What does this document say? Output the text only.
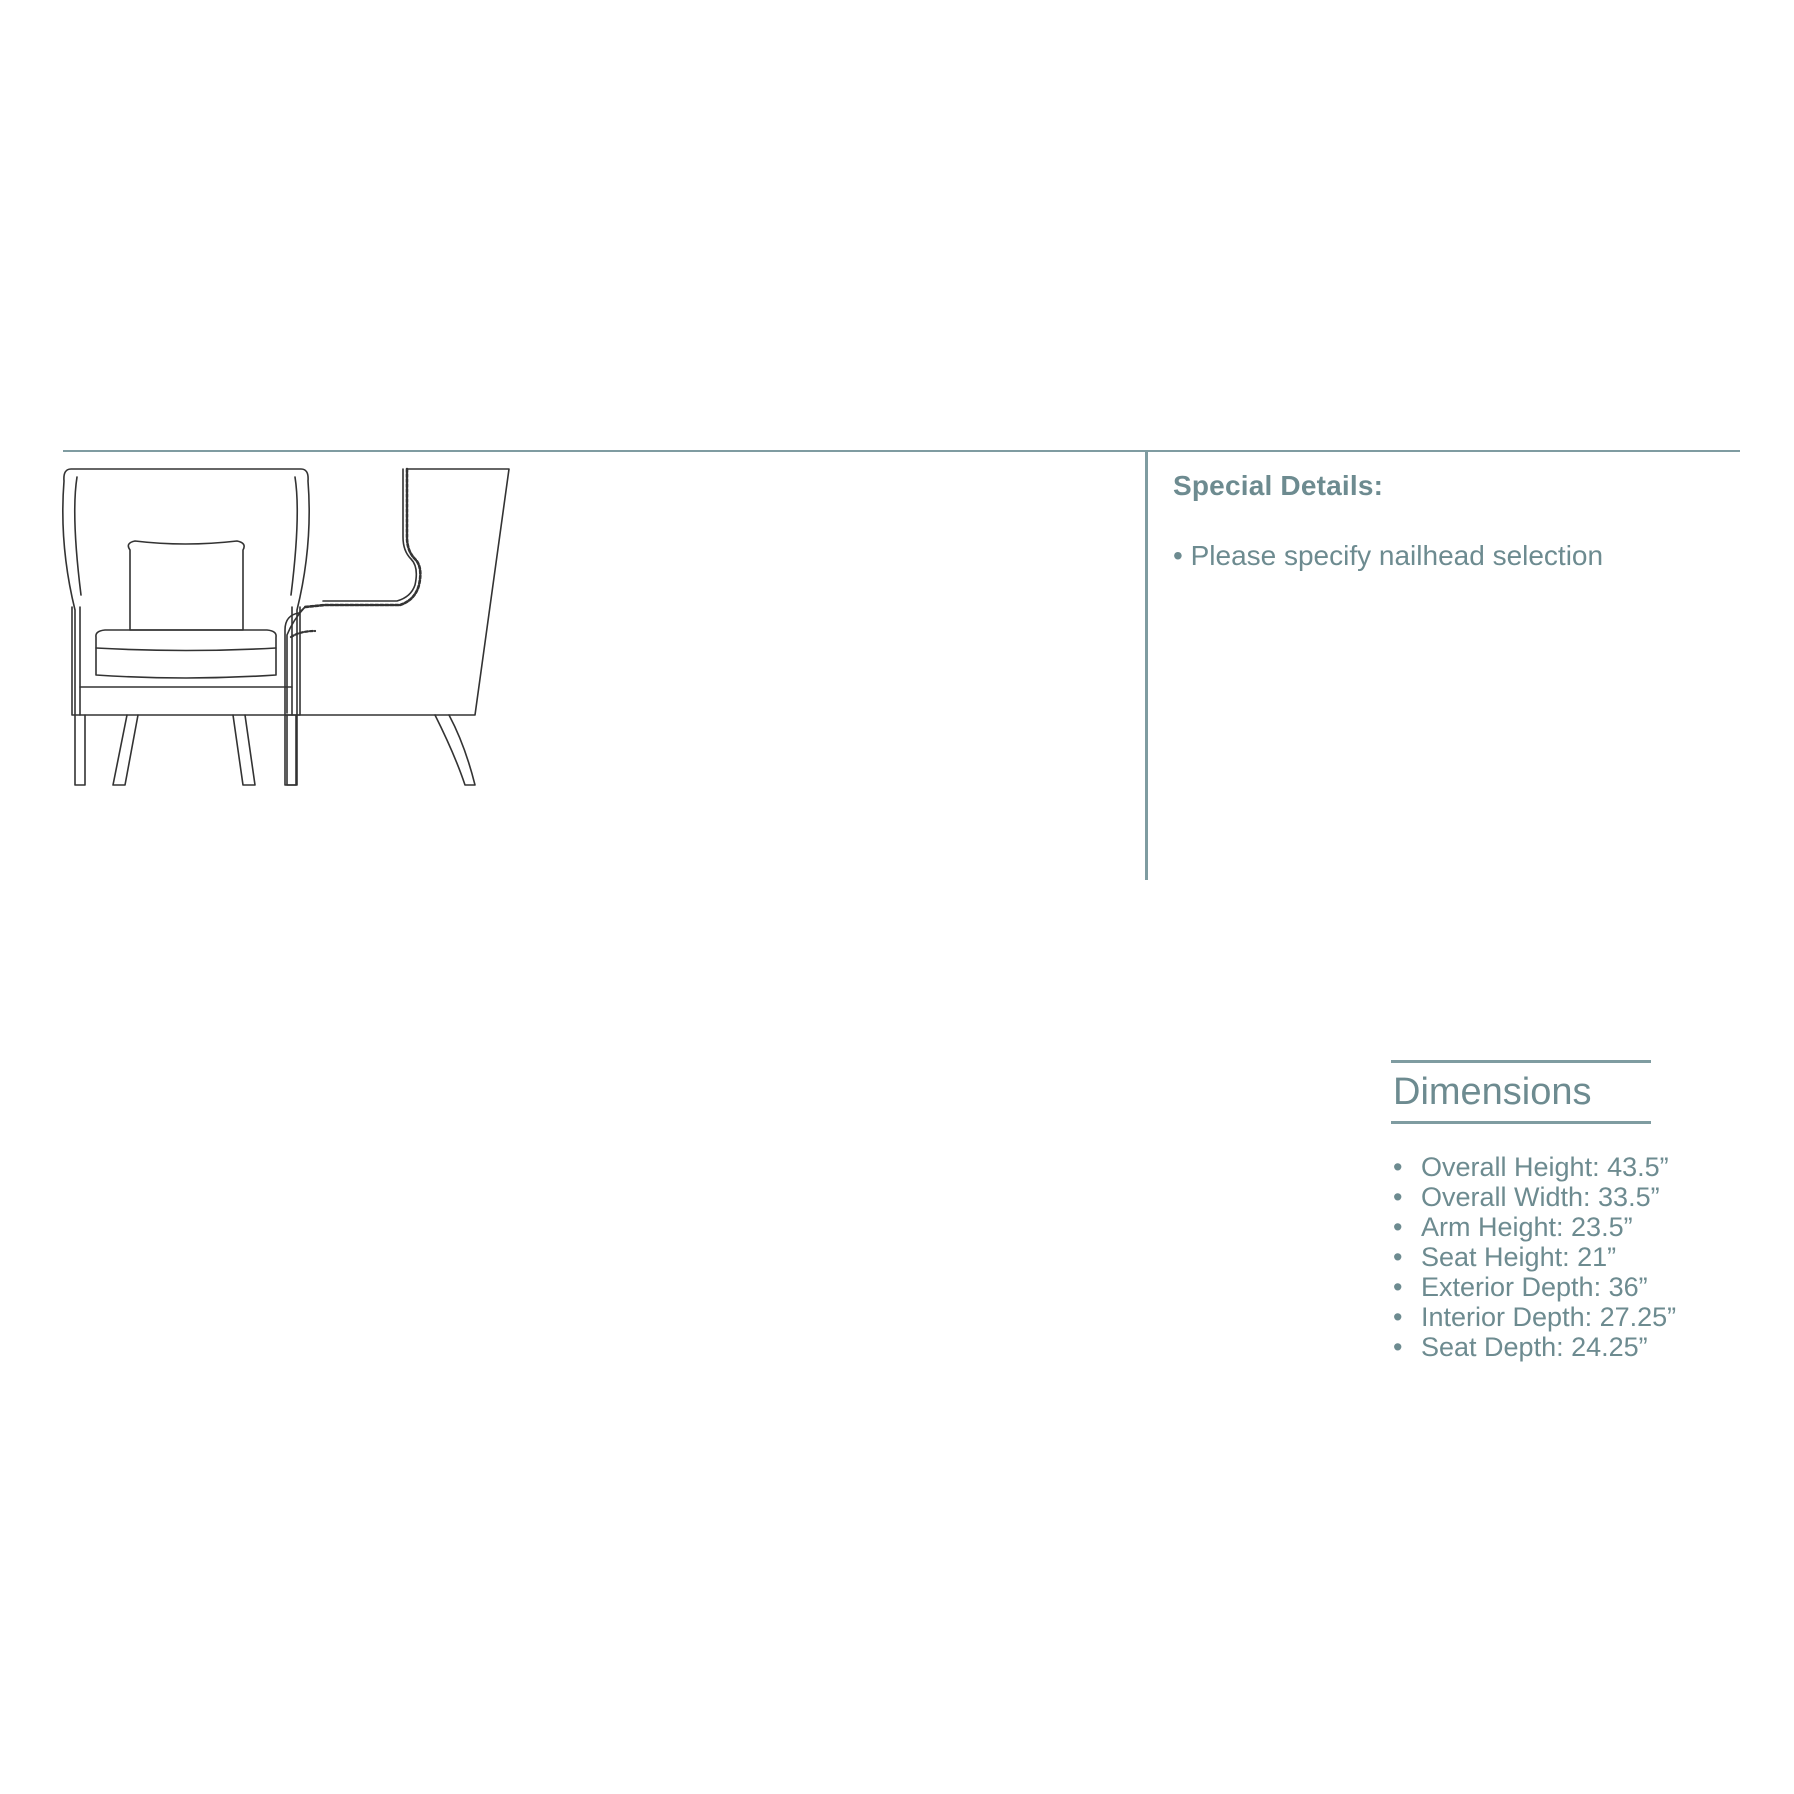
Special Details:

• Please specify nailhead selection
Dimensions
• Overall Height: 43.5”
• Overall Width: 33.5”
• Arm Height: 23.5”
• Seat Height: 21”
• Exterior Depth: 36”
• Interior Depth: 27.25”
• Seat Depth: 24.25”
